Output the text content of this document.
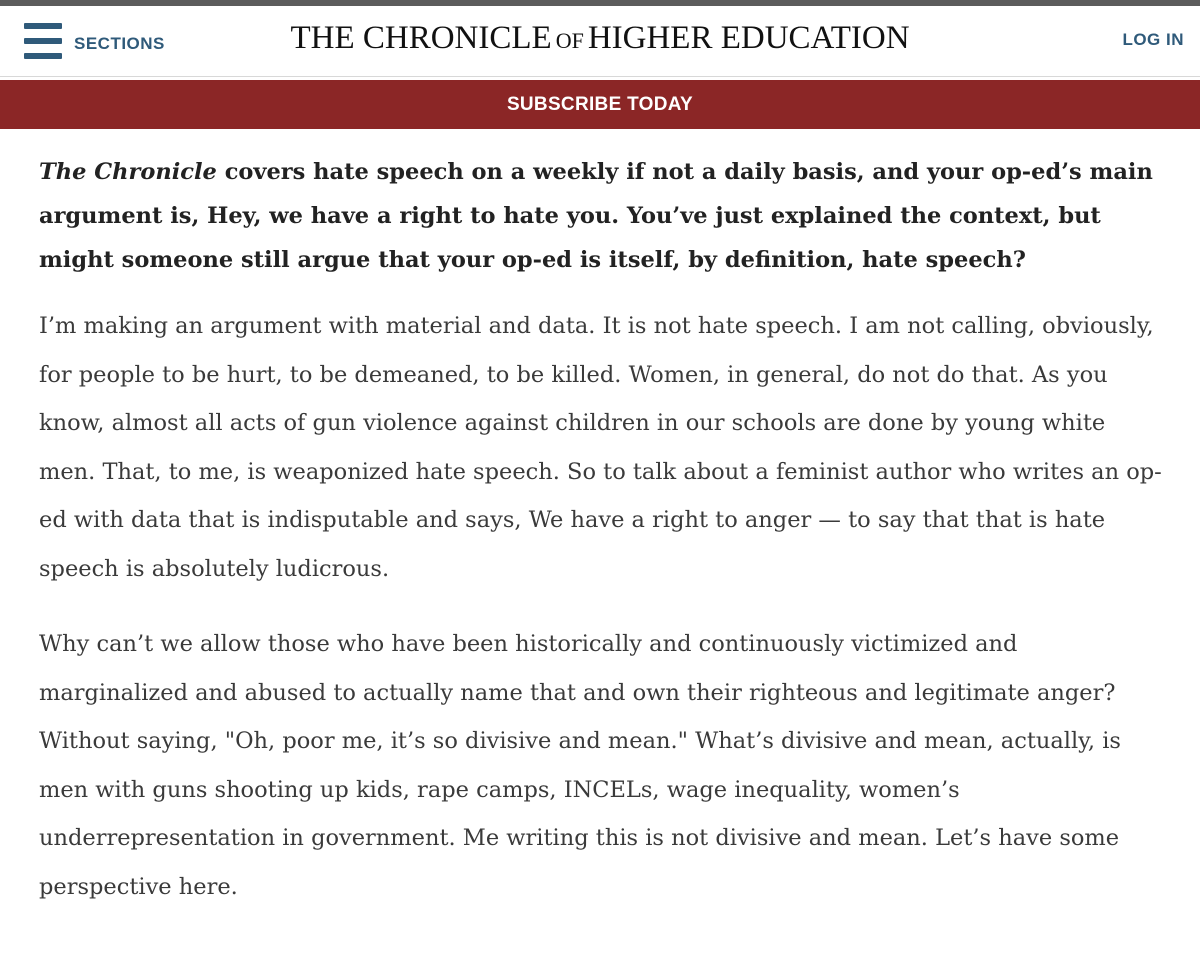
SECTIONS	THE CHRONICLE OF HIGHER EDUCATION	LOG IN
SUBSCRIBE TODAY

The Chronicle covers hate speech on a weekly if not a daily basis, and your op-ed’s main argument is, Hey, we have a right to hate you. You’ve just explained the context, but might someone still argue that your op-ed is itself, by definition, hate speech?

I’m making an argument with material and data. It is not hate speech. I am not calling, obviously, for people to be hurt, to be demeaned, to be killed. Women, in general, do not do that. As you know, almost all acts of gun violence against children in our schools are done by young white men. That, to me, is weaponized hate speech. So to talk about a feminist author who writes an op-ed with data that is indisputable and says, We have a right to anger — to say that that is hate speech is absolutely ludicrous.

Why can’t we allow those who have been historically and continuously victimized and marginalized and abused to actually name that and own their righteous and legitimate anger? Without saying, "Oh, poor me, it’s so divisive and mean." What’s divisive and mean, actually, is men with guns shooting up kids, rape camps, INCELs, wage inequality, women’s underrepresentation in government. Me writing this is not divisive and mean. Let’s have some perspective here.
